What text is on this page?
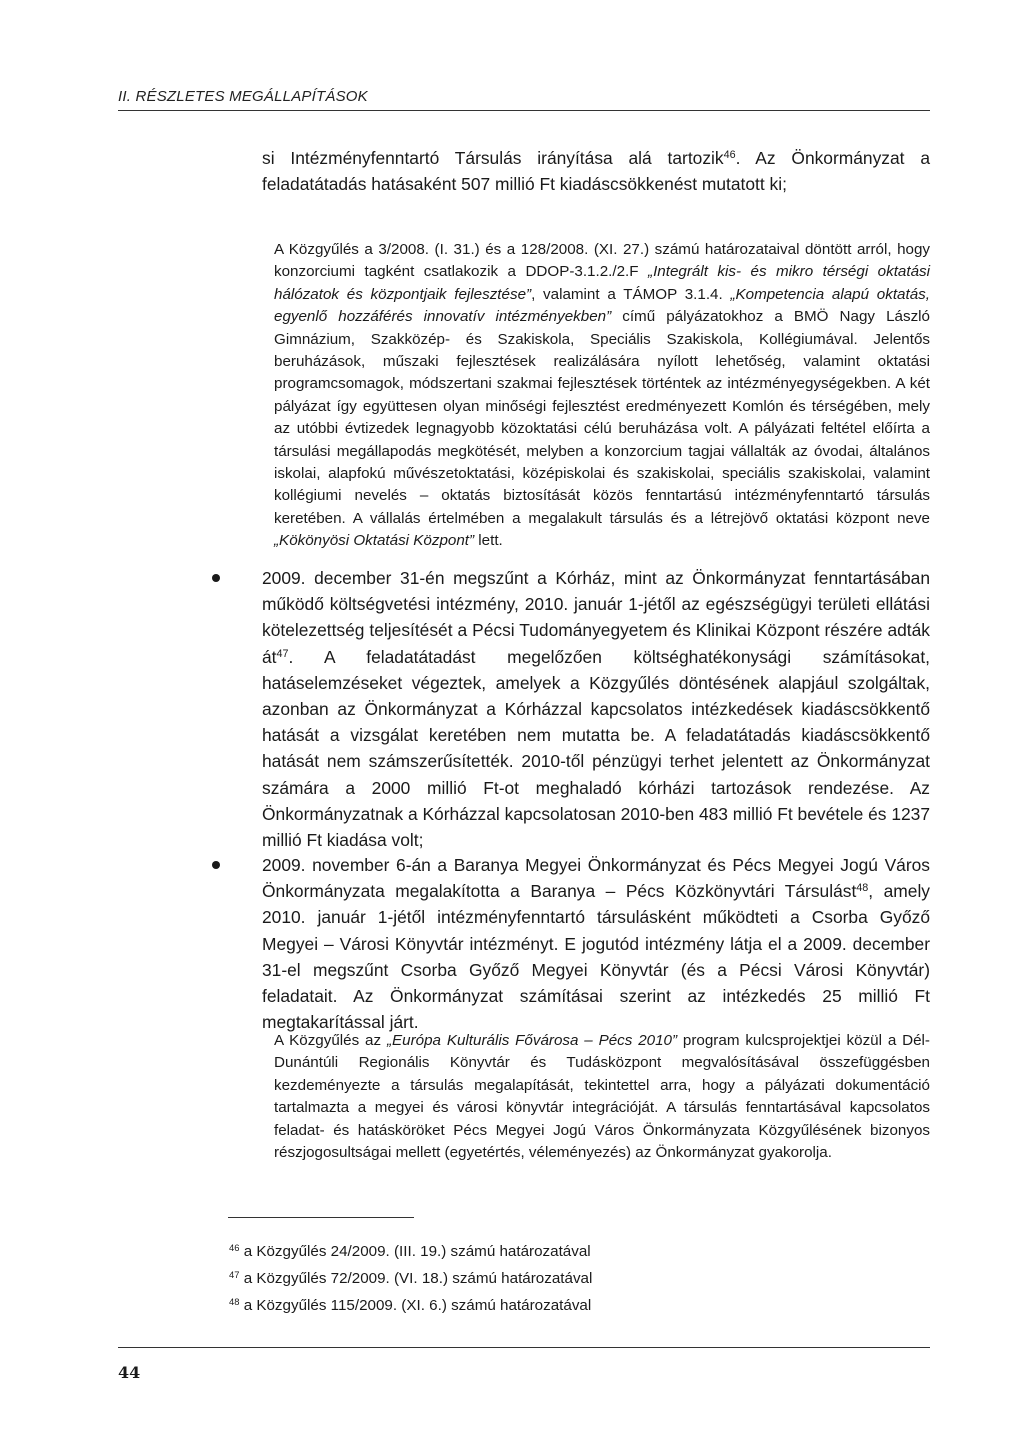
II. RÉSZLETES MEGÁLLAPÍTÁSOK
si Intézményfenntartó Társulás irányítása alá tartozik$^{46}$. Az Önkormányzat a feladatátadás hatásaként 507 millió Ft kiadáscsökkenést mutatott ki;
A Közgyűlés a 3/2008. (I. 31.) és a 128/2008. (XI. 27.) számú határozataival döntött arról, hogy konzorciumi tagként csatlakozik a DDOP-3.1.2./2.F „Integrált kis- és mikro térségi oktatási hálózatok és központjaik fejlesztése”, valamint a TÁMOP 3.1.4. „Kompetencia alapú oktatás, egyenlő hozzáférés innovatív intézményekben” című pályázatokhoz a BMÖ Nagy László Gimnázium, Szakközép- és Szakiskola, Speciális Szakiskola, Kollégiumával. Jelentős beruházások, műszaki fejlesztések realizálására nyílott lehetőség, valamint oktatási programcsomagok, módszertani szakmai fejlesztések történtek az intézményegységekben. A két pályázat így együttesen olyan minőségi fejlesztést eredményezett Komlón és térségében, mely az utóbbi évtizedek legnagyobb közoktatási célú beruházása volt. A pályázati feltétel előírta a társulási megállapodás megkötését, melyben a konzorcium tagjai vállalták az óvodai, általános iskolai, alapfokú művészetoktatási, középiskolai és szakiskolai, speciális szakiskolai, valamint kollégiumi nevelés – oktatás biztosítását közös fenntartású intézményfenntartó társulás keretében. A vállalás értelmében a megalakult társulás és a létrejövő oktatási központ neve „Kökönyösi Oktatási Központ” lett.
2009. december 31-én megszűnt a Kórház, mint az Önkormányzat fenntartásában működő költségvetési intézmény, 2010. január 1-jétől az egészségügyi területi ellátási kötelezettség teljesítését a Pécsi Tudományegyetem és Klinikai Központ részére adták $át^{47}$. A feladatátadást megelőzően költséghatékonysági számításokat, hatáselemzéseket végeztek, amelyek a Közgyűlés döntésének alapjául szolgáltak, azonban az Önkormányzat a Kórházzal kapcsolatos intézkedések kiadáscsökkentő hatását a vizsgálat keretében nem mutatta be. A feladatátadás kiadáscsökkentő hatását nem számszerűsítették. 2010-től pénzügyi terhet jelentett az Önkormányzat számára a 2000 millió Ft-ot meghaladó kórházi tartozások rendezése. Az Önkormányzatnak a Kórházzal kapcsolatosan 2010-ben 483 millió Ft bevétele és 1237 millió Ft kiadása volt;
2009. november 6-án a Baranya Megyei Önkormányzat és Pécs Megyei Jogú Város Önkormányzata megalakította a Baranya – Pécs Közkönyvtári Társulást$^{48}$, amely 2010. január 1-jétől intézményfenntartó társulásként működteti a Csorba Győző Megyei – Városi Könyvtár intézményt. E jogutód intézmény látja el a 2009. december 31-el megszűnt Csorba Győző Megyei Könyvtár (és a Pécsi Városi Könyvtár) feladatait. Az Önkormányzat számításai szerint az intézkedés 25 millió Ft megtakarítással járt.
A Közgyűlés az „Európa Kulturális Fővárosa – Pécs 2010” program kulcsprojektjei közül a Dél-Dunántúli Regionális Könyvtár és Tudásközpont megvalósításával összefüggésben kezdeményezte a társulás megalapítását, tekintettel arra, hogy a pályázati dokumentáció tartalmazta a megyei és városi könyvtár integrációját. A társulás fenntartásával kapcsolatos feladat- és hatásköröket Pécs Megyei Jogú Város Önkormányzata Közgyűlésének bizonyos részjogosultságai mellett (egyetértés, véleményezés) az Önkormányzat gyakorolja.
$^{46}$ a Közgyűlés 24/2009. (III. 19.) számú határozatával
$^{47}$ a Közgyűlés 72/2009. (VI. 18.) számú határozatával
$^{48}$ a Közgyűlés 115/2009. (XI. 6.) számú határozatával
44
